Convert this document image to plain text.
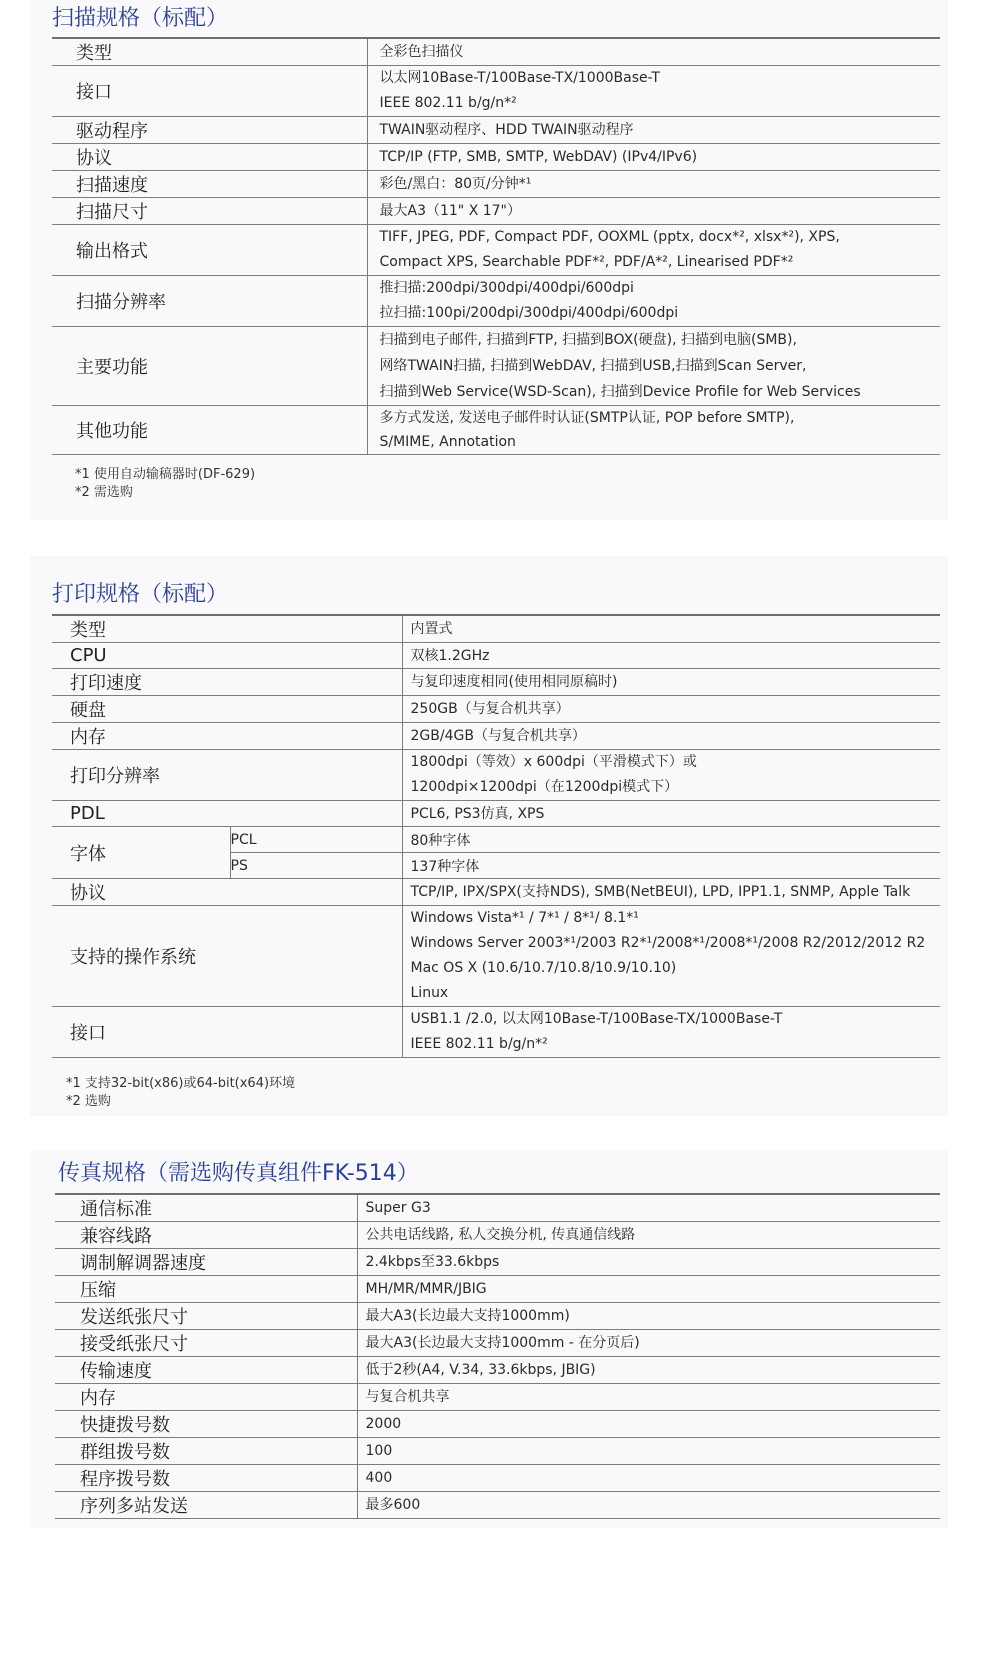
扫描规格（标配）
类型	全彩色扫描仪

接口	以太网10Base-T/100Base-TX/1000Base-T
IEEE 802.11 b/g/n*²

驱动程序	TWAIN驱动程序、HDD TWAIN驱动程序

协议	TCP/IP (FTP, SMB, SMTP, WebDAV) (IPv4/IPv6)

扫描速度	彩色/黑白：80页/分钟*¹

扫描尺寸	最大A3（11" X 17"）

输出格式	TIFF, JPEG, PDF, Compact PDF, OOXML (pptx, docx*², xlsx*²), XPS,
Compact XPS, Searchable PDF*², PDF/A*², Linearised PDF*²

扫描分辨率	推扫描:200dpi/300dpi/400dpi/600dpi
拉扫描:100pi/200dpi/300dpi/400dpi/600dpi

主要功能	扫描到电子邮件, 扫描到FTP, 扫描到BOX(硬盘), 扫描到电脑(SMB),
网络TWAIN扫描, 扫描到WebDAV, 扫描到USB,扫描到Scan Server,
扫描到Web Service(WSD-Scan), 扫描到Device Profile for Web Services

其他功能	多方式发送, 发送电子邮件时认证(SMTP认证, POP before SMTP),
S/MIME, Annotation
*1 使用自动输稿器时(DF-629)
*2 需选购
打印规格（标配）
类型		内置式

CPU		双核1.2GHz

打印速度		与复印速度相同(使用相同原稿时)

硬盘		250GB（与复合机共享）

内存		2GB/4GB（与复合机共享）

打印分辨率		1800dpi（等效）x 600dpi（平滑模式下）或
1200dpi×1200dpi（在1200dpi模式下）

PDL		PCL6, PS3仿真, XPS

字体	PCL	80种字体
	PS	137种字体
协议		TCP/IP, IPX/SPX(支持NDS), SMB(NetBEUI), LPD, IPP1.1, SNMP, Apple Talk

支持的操作系统		Windows Vista*¹ / 7*¹ / 8*¹/ 8.1*¹
Windows Server 2003*¹/2003 R2*¹/2008*¹/2008*¹/2008 R2/2012/2012 R2
Mac OS X (10.6/10.7/10.8/10.9/10.10)
Linux

接口		USB1.1 /2.0, 以太网10Base-T/100Base-TX/1000Base-T
IEEE 802.11 b/g/n*²
*1 支持32-bit(x86)或64-bit(x64)环境
*2 选购
传真规格（需选购传真组件FK-514）
通信标准	Super G3

兼容线路	公共电话线路, 私人交换分机, 传真通信线路

调制解调器速度	2.4kbps至33.6kbps

压缩	MH/MR/MMR/JBIG

发送纸张尺寸	最大A3(长边最大支持1000mm)

接受纸张尺寸	最大A3(长边最大支持1000mm - 在分页后)

传输速度	低于2秒(A4, V.34, 33.6kbps, JBIG)

内存	与复合机共享

快捷拨号数	2000

群组拨号数	100

程序拨号数	400

序列多站发送	最多600
